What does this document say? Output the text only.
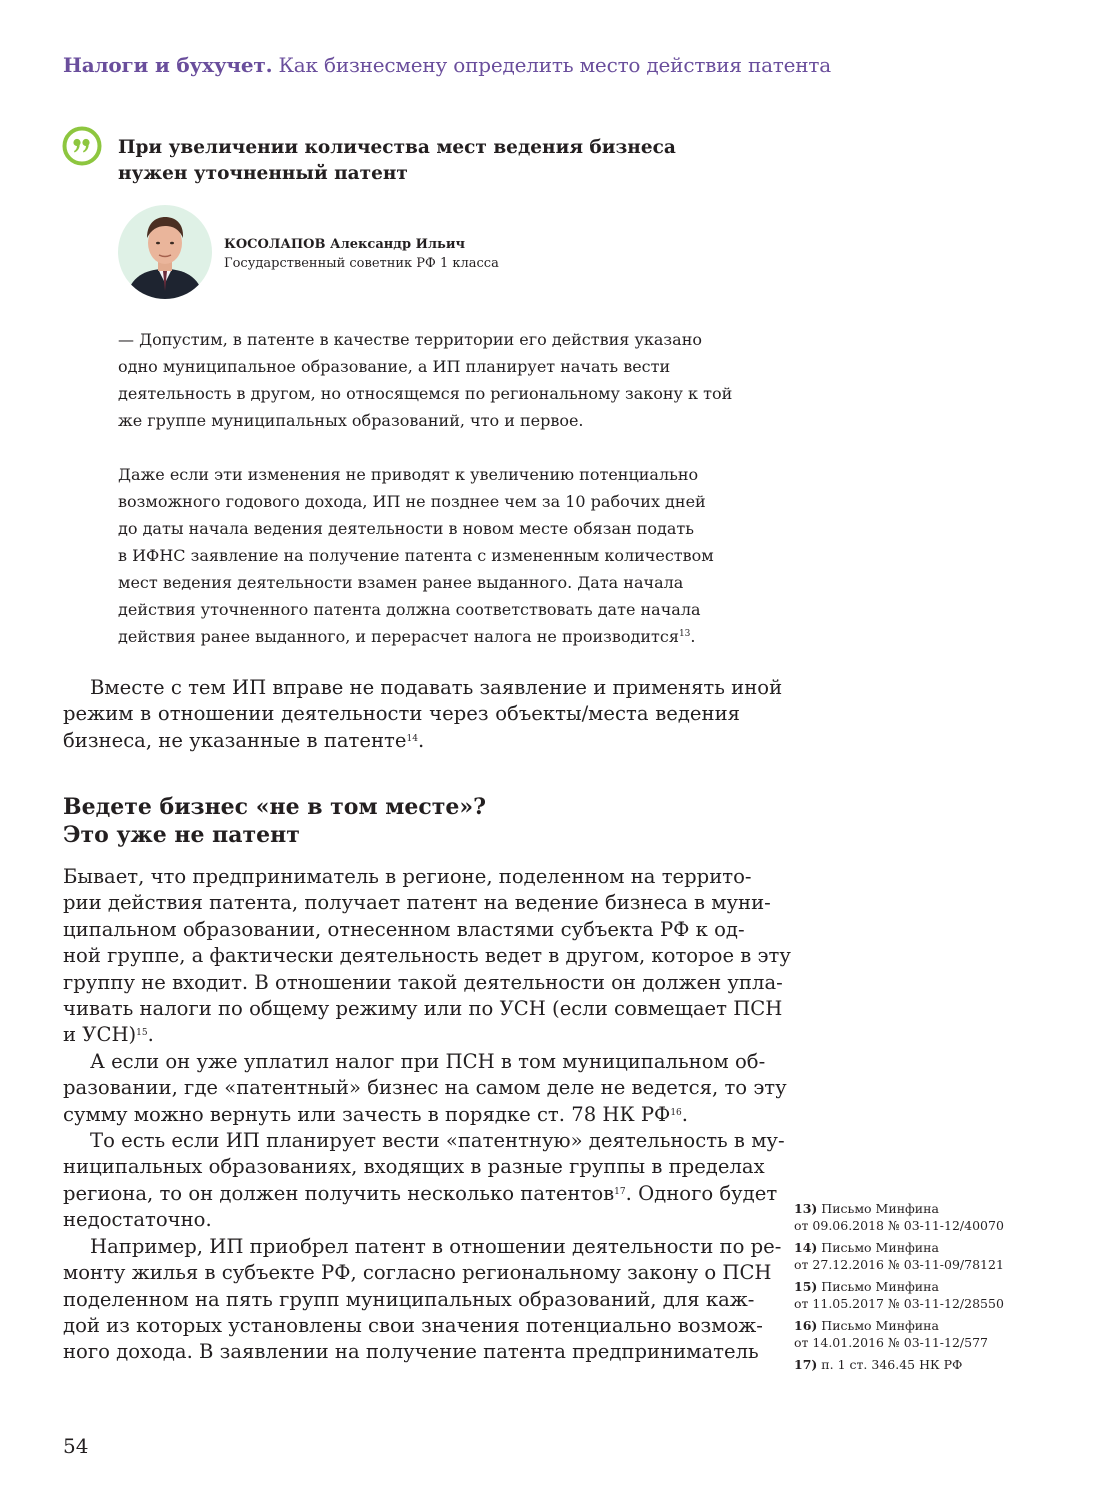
Налоги и бухучет. Как бизнесмену определить место действия патента
При увеличении количества мест ведения бизнеса
нужен уточненный патент
КОСОЛАПОВ Александр Ильич
Государственный советник РФ 1 класса

— Допустим, в патенте в качестве территории его действия указано

одно муниципальное образование, а ИП планирует начать вести

деятельность в другом, но относящемся по региональному закону к той

же группе муниципальных образований, что и первое.

Даже если эти изменения не приводят к увеличению потенциально

возможного годового дохода, ИП не позднее чем за 10 рабочих дней

до даты начала ведения деятельности в новом месте обязан подать

в ИФНС заявление на получение патента с измененным количеством

мест ведения деятельности взамен ранее выданного. Дата начала

действия уточненного патента должна соответствовать дате начала

действия ранее выданного, и перерасчет налога не производится$^{13}$.

Вместе с тем ИП вправе не подавать заявление и применять иной
режим в отношении деятельности через объекты/места ведения
бизнеса, не указанные в патенте$^{14}$.
Ведете бизнес «не в том месте»?
Это уже не патент
Бывает, что предприниматель в регионе, поделенном на террито-
рии действия патента, получает патент на ведение бизнеса в муни-
ципальном образовании, отнесенном властями субъекта РФ к од-
ной группе, а фактически деятельность ведет в другом, которое в эту
группу не входит. В отношении такой деятельности он должен упла-
чивать налоги по общему режиму или по УСН (если совмещает ПСН
и УСН)$^{15}$.
А если он уже уплатил налог при ПСН в том муниципальном об-
разовании, где «патентный» бизнес на самом деле не ведется, то эту
сумму можно вернуть или зачесть в порядке ст. 78 НК РФ$^{16}$.
То есть если ИП планирует вести «патентную» деятельность в му-
ниципальных образованиях, входящих в разные группы в пределах
региона, то он должен получить несколько патентов$^{17}$. Одного будет
недостаточно.
Например, ИП приобрел патент в отношении деятельности по ре-
монту жилья в субъекте РФ, согласно региональному закону о ПСН
поделенном на пять групп муниципальных образований, для каж-
дой из которых установлены свои значения потенциально возмож-
ного дохода. В заявлении на получение патента предприниматель
13) Письмо Минфина
от 09.06.2018 № 03-11-12/40070
14) Письмо Минфина
от 27.12.2016 № 03-11-09/78121
15) Письмо Минфина
от 11.05.2017 № 03-11-12/28550
16) Письмо Минфина
от 14.01.2016 № 03-11-12/577
17) п. 1 ст. 346.45 НК РФ
54
